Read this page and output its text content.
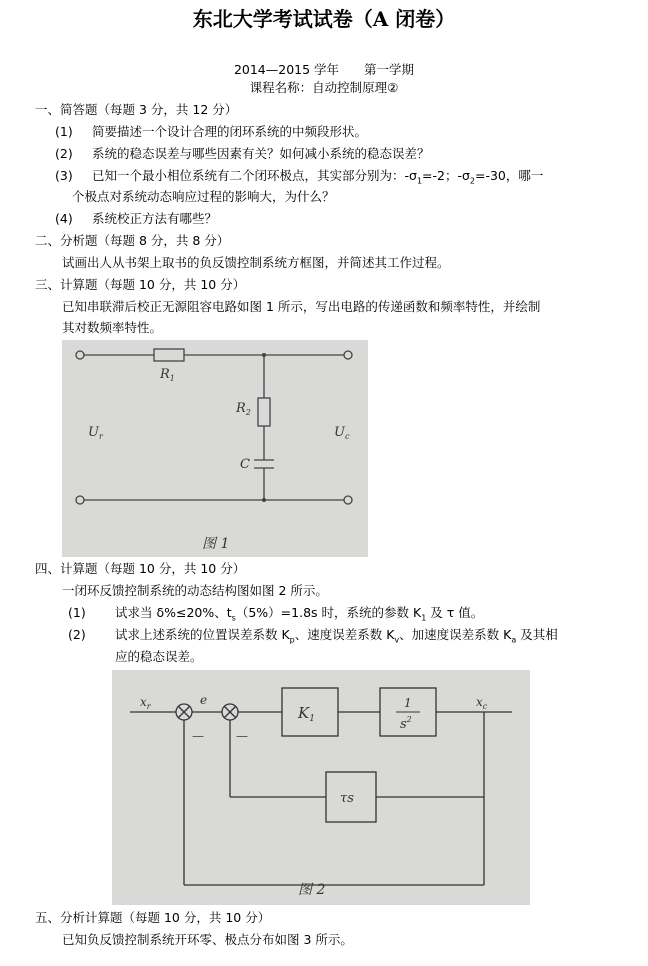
东北大学考试试卷（A 闭卷）
2014—2015 学年　　第一学期
课程名称：自动控制原理②
一、简答题（每题 3 分，共 12 分）
(1) 简要描述一个设计合理的闭环系统的中频段形状。
(2) 系统的稳态误差与哪些因素有关？如何减小系统的稳态误差？
(3) 已知一个最小相位系统有二个闭环极点，其实部分别为：$-\sigma_1=-2$；$-\sigma_2=-30$，哪一
个极点对系统动态响应过程的影响大，为什么？
(4) 系统校正方法有哪些？
二、分析题（每题 8 分，共 8 分）
试画出人从书架上取书的负反馈控制系统方框图，并简述其工作过程。
三、计算题（每题 10 分，共 10 分）
已知串联滞后校正无源阻容电路如图 1 所示，写出电路的传递函数和频率特性，并绘制
其对数频率特性。
$R_1$
$R_2$
C
$U_r$	$U_c$
图 1
四、计算题（每题 10 分，共 10 分）
一闭环反馈控制系统的动态结构图如图 2 所示。
(1) 试求当 δ%≤20%、$t_s(5\%)=1.8s$ 时，系统的参数 $K_1$ 及 τ 值。
(2) 试求上述系统的位置误差系数 $K_p$、速度误差系数 $K_v$、加速度误差系数 $K_a$ 及其相
应的稳态误差。
$x_r$	e
$K_1$
1
$s^2$
$x_c$
τs
—	—
图 2
五、分析计算题（每题 10 分，共 10 分）
已知负反馈控制系统开环零、极点分布如图 3 所示。
